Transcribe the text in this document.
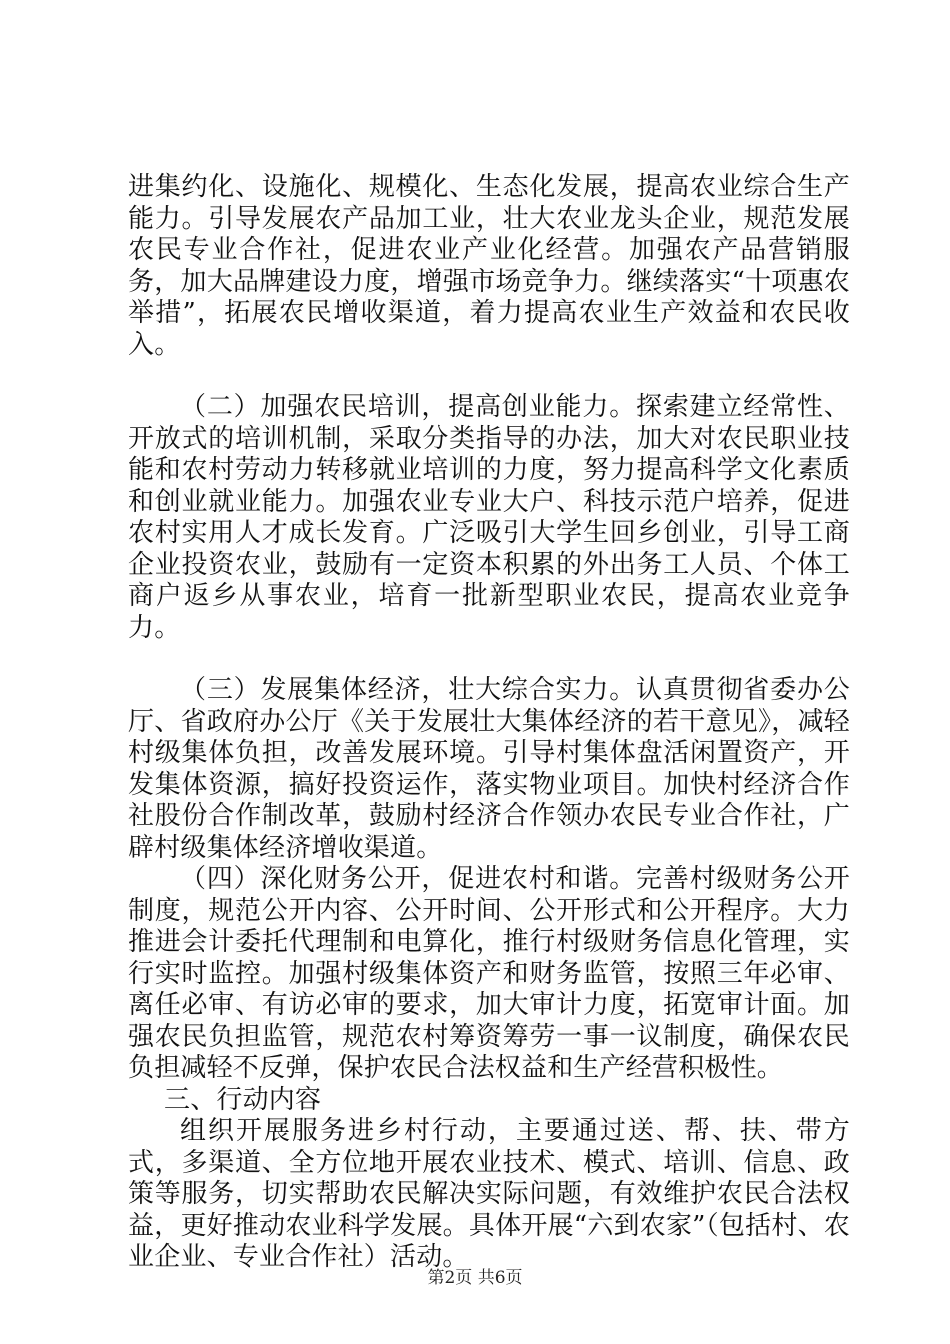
进集约化、设施化、规模化、生态化发展，提高农业综合生产能力。引导发展农产品加工业，壮大农业龙头企业，规范发展农民专业合作社，促进农业产业化经营。加强农产品营销服务，加大品牌建设力度，增强市场竞争力。继续落实“十项惠农举措”，拓展农民增收渠道，着力提高农业生产效益和农民收入。

（二）加强农民培训，提高创业能力。探索建立经常性、开放式的培训机制，采取分类指导的办法，加大对农民职业技能和农村劳动力转移就业培训的力度，努力提高科学文化素质和创业就业能力。加强农业专业大户、科技示范户培养，促进农村实用人才成长发育。广泛吸引大学生回乡创业，引导工商企业投资农业，鼓励有一定资本积累的外出务工人员、个体工商户返乡从事农业，培育一批新型职业农民，提高农业竞争力。

（三）发展集体经济，壮大综合实力。认真贯彻省委办公厅、省政府办公厅《关于发展壮大集体经济的若干意见》，减轻村级集体负担，改善发展环境。引导村集体盘活闲置资产，开发集体资源，搞好投资运作，落实物业项目。加快村经济合作社股份合作制改革，鼓励村经济合作领办农民专业合作社，广辟村级集体经济增收渠道。

（四）深化财务公开，促进农村和谐。完善村级财务公开制度，规范公开内容、公开时间、公开形式和公开程序。大力推进会计委托代理制和电算化，推行村级财务信息化管理，实行实时监控。加强村级集体资产和财务监管，按照三年必审、离任必审、有访必审的要求，加大审计力度，拓宽审计面。加强农民负担监管，规范农村筹资筹劳一事一议制度，确保农民负担减轻不反弹，保护农民合法权益和生产经营积极性。

三、行动内容

组织开展服务进乡村行动，主要通过送、帮、扶、带方式，多渠道、全方位地开展农业技术、模式、培训、信息、政策等服务，切实帮助农民解决实际问题，有效维护农民合法权益，更好推动农业科学发展。具体开展“六到农家”（包括村、农业企业、专业合作社）活动。

第2页 共6页
